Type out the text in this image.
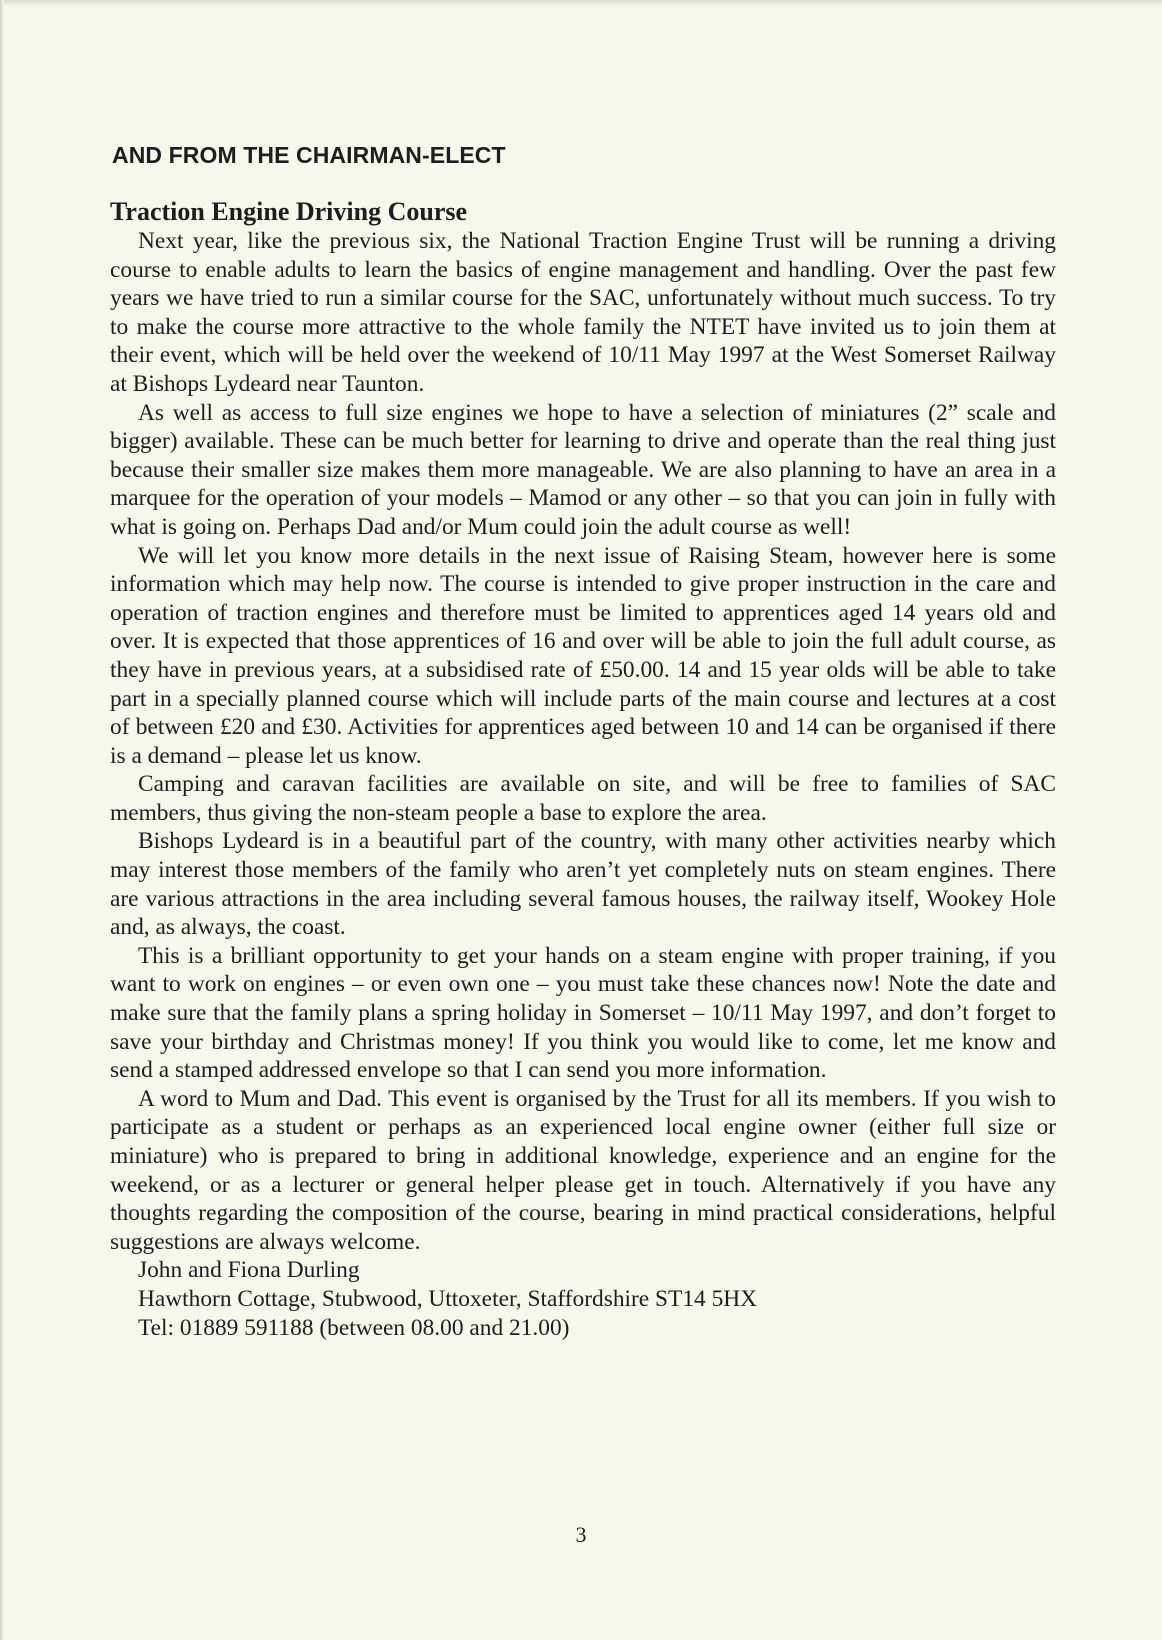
AND FROM THE CHAIRMAN-ELECT
Traction Engine Driving Course

Next year, like the previous six, the National Traction Engine Trust will be running a driving course to enable adults to learn the basics of engine management and handling. Over the past few years we have tried to run a similar course for the SAC, unfortunately without much success. To try to make the course more attractive to the whole family the NTET have invited us to join them at their event, which will be held over the weekend of 10/11 May 1997 at the West Somerset Railway at Bishops Lydeard near Taunton.

As well as access to full size engines we hope to have a selection of miniatures (2” scale and bigger) available. These can be much better for learning to drive and operate than the real thing just because their smaller size makes them more manageable. We are also planning to have an area in a marquee for the operation of your models – Mamod or any other – so that you can join in fully with what is going on. Perhaps Dad and/or Mum could join the adult course as well!

We will let you know more details in the next issue of Raising Steam, however here is some information which may help now. The course is intended to give proper instruction in the care and operation of traction engines and therefore must be limited to apprentices aged 14 years old and over. It is expected that those apprentices of 16 and over will be able to join the full adult course, as they have in previous years, at a subsidised rate of £50.00. 14 and 15 year olds will be able to take part in a specially planned course which will include parts of the main course and lectures at a cost of between £20 and £30. Activities for apprentices aged between 10 and 14 can be organised if there is a demand – please let us know.

Camping and caravan facilities are available on site, and will be free to families of SAC members, thus giving the non-steam people a base to explore the area.

Bishops Lydeard is in a beautiful part of the country, with many other activities nearby which may interest those members of the family who aren’t yet completely nuts on steam engines. There are various attractions in the area including several famous houses, the railway itself, Wookey Hole and, as always, the coast.

This is a brilliant opportunity to get your hands on a steam engine with proper training, if you want to work on engines – or even own one – you must take these chances now! Note the date and make sure that the family plans a spring holiday in Somerset – 10/11 May 1997, and don’t forget to save your birthday and Christmas money! If you think you would like to come, let me know and send a stamped addressed envelope so that I can send you more information.

A word to Mum and Dad. This event is organised by the Trust for all its members. If you wish to participate as a student or perhaps as an experienced local engine owner (either full size or miniature) who is prepared to bring in additional knowledge, experience and an engine for the weekend, or as a lecturer or general helper please get in touch. Alternatively if you have any thoughts regarding the composition of the course, bearing in mind practical considerations, helpful suggestions are always welcome.

John and Fiona Durling

Hawthorn Cottage, Stubwood, Uttoxeter, Staffordshire ST14 5HX

Tel: 01889 591188 (between 08.00 and 21.00)

3
